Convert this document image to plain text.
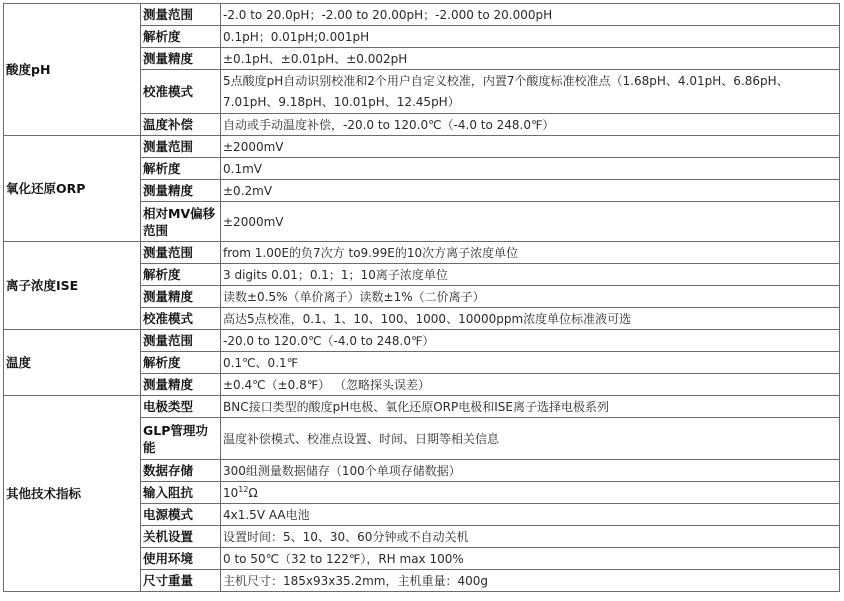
酸度pH	测量范围	-2.0 to 20.0pH；-2.00 to 20.00pH；-2.000 to 20.000pH
	解析度	0.1pH；0.01pH;0.001pH
	测量精度	±0.1pH、±0.01pH、±0.002pH
	校准模式	5点酸度pH自动识别校准和2个用户自定义校准，内置7个酸度标准校准点（1.68pH、4.01pH、6.86pH、7.01pH、9.18pH、10.01pH、12.45pH）
	温度补偿	自动或手动温度补偿，-20.0 to 120.0℃（-4.0 to 248.0℉）
氧化还原ORP	测量范围	±2000mV
	解析度	0.1mV
	测量精度	±0.2mV
	相对MV偏移范围	±2000mV
离子浓度ISE	测量范围	from 1.00E的负7次方 to9.99E的10次方离子浓度单位
	解析度	3 digits 0.01；0.1；1；10离子浓度单位
	测量精度	读数±0.5%（单价离子）读数±1%（二价离子）
	校准模式	高达5点校准，0.1、1、10、100、1000、10000ppm浓度单位标准液可选
温度	测量范围	-20.0 to 120.0℃（-4.0 to 248.0℉）
	解析度	0.1℃、0.1℉
	测量精度	±0.4℃（±0.8℉） （忽略探头误差）
其他技术指标	电极类型	BNC接口类型的酸度pH电极、氧化还原ORP电极和ISE离子选择电极系列
	GLP管理功能	温度补偿模式、校准点设置、时间、日期等相关信息
	数据存储	300组测量数据储存（100个单项存储数据）
	输入阻抗	$10^{12}\Omega$
	电源模式	4x1.5V AA电池
	关机设置	设置时间：5、10、30、60分钟或不自动关机
	使用环境	0 to 50℃（32 to 122℉），RH max 100%
	尺寸重量	主机尺寸：185x93x35.2mm，主机重量：400g
